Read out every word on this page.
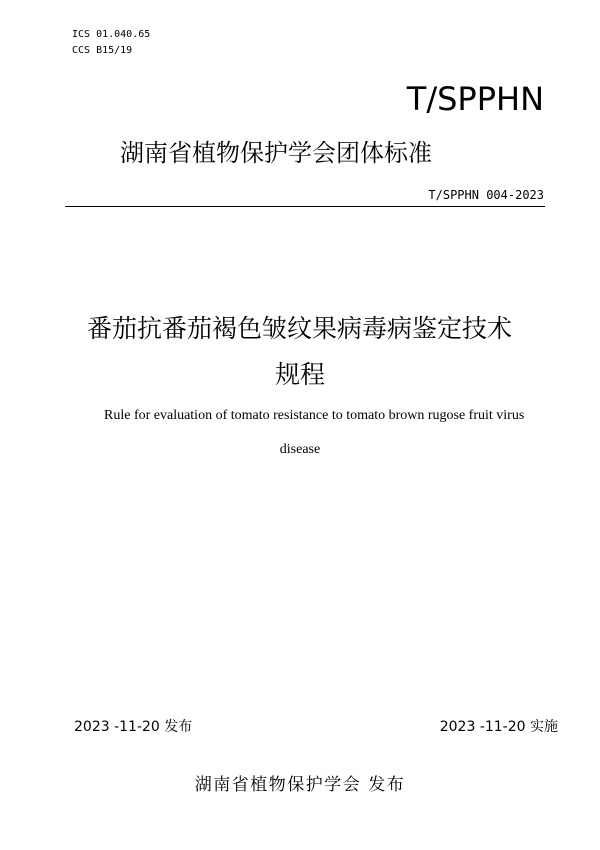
ICS 01.040.65
CCS B15/19
T/SPPHN
湖南省植物保护学会团体标准
T/SPPHN 004-2023
番茄抗番茄褐色皱纹果病毒病鉴定技术
规程
Rule for evaluation of tomato resistance to tomato brown rugose fruit virus
disease
2023 -11-20 发布	2023 -11-20 实施
湖南省植物保护学会 发布
